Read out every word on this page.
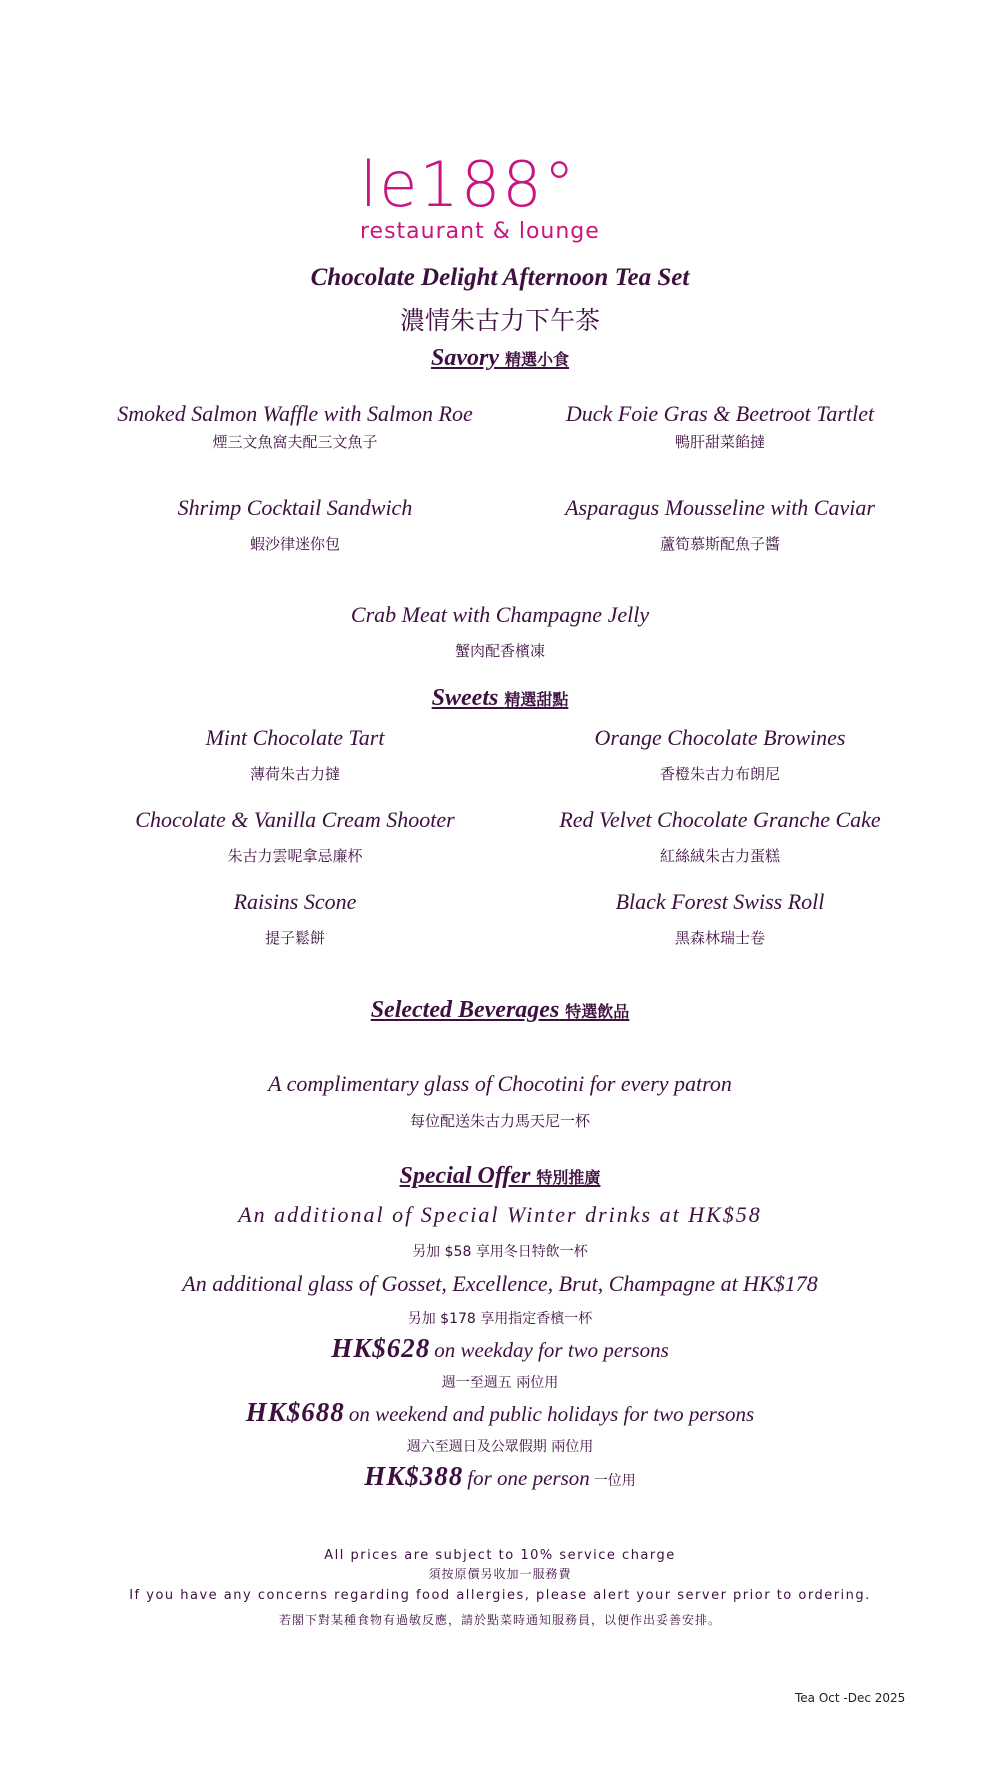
le188°
restaurant & lounge
Chocolate Delight Afternoon Tea Set
濃情朱古力下午茶
Savory 精選小食
Smoked Salmon Waffle with Salmon Roe
煙三文魚窩夫配三文魚子
Duck Foie Gras & Beetroot Tartlet
鴨肝甜菜餡撻
Shrimp Cocktail Sandwich
蝦沙律迷你包
Asparagus Mousseline with Caviar
蘆筍慕斯配魚子醬
Crab Meat with Champagne Jelly
蟹肉配香檳凍
Sweets 精選甜點
Mint Chocolate Tart
薄荷朱古力撻
Orange Chocolate Browines
香橙朱古力布朗尼
Chocolate & Vanilla Cream Shooter
朱古力雲呢拿忌廉杯
Red Velvet Chocolate Granche Cake
紅絲絨朱古力蛋糕
Raisins Scone
提子鬆餅
Black Forest Swiss Roll
黑森林瑞士卷
Selected Beverages 特選飲品
A complimentary glass of Chocotini for every patron
每位配送朱古力馬天尼一杯
Special Offer 特別推廣
An additional of Special Winter drinks at HK$58
另加 $58 享用冬日特飲一杯
An additional glass of Gosset, Excellence, Brut, Champagne at HK$178
另加 $178 享用指定香檳一杯
HK$628 on weekday for two persons
週一至週五 兩位用
HK$688 on weekend and public holidays for two persons
週六至週日及公眾假期 兩位用
HK$388 for one person 一位用
All prices are subject to 10% service charge
須按原價另收加一服務費
If you have any concerns regarding food allergies, please alert your server prior to ordering.
若閣下對某種食物有過敏反應，請於點菜時通知服務員，以便作出妥善安排。
Tea Oct -Dec 2025
